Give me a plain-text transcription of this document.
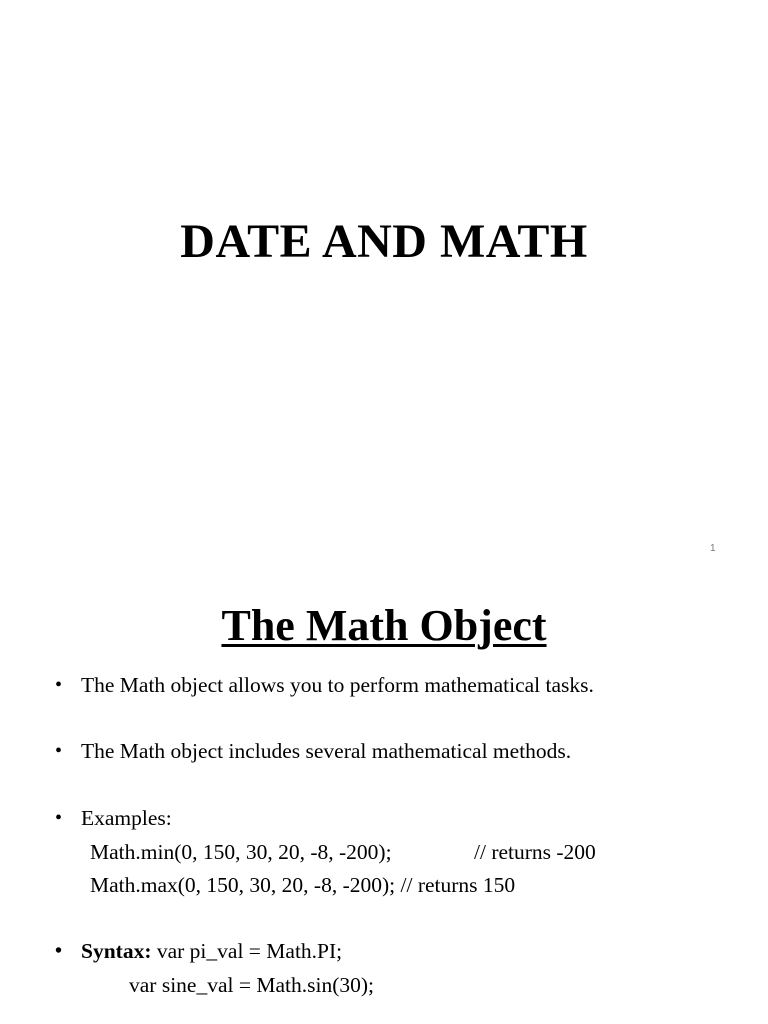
DATE AND MATH
1
The Math Object
• The Math object allows you to perform mathematical tasks.
• The Math object includes several mathematical methods.
• Examples:
Math.min(0, 150, 30, 20, -8, -200);	// returns -200
Math.max(0, 150, 30, 20, -8, -200); // returns 150
• Syntax: var pi_val = Math.PI;
var sine_val = Math.sin(30);
